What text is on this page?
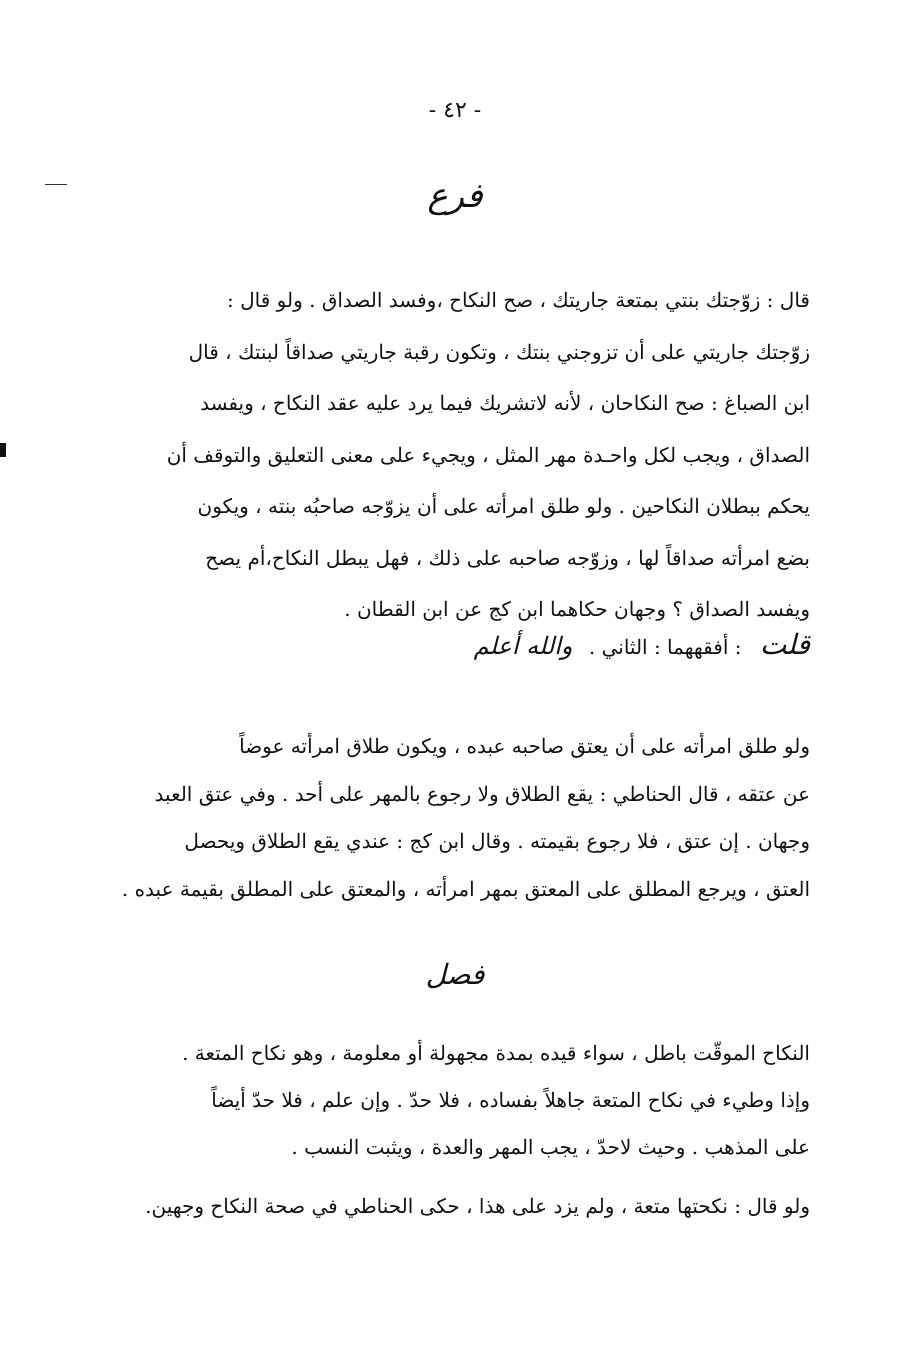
- ٤٢ -
فرع
قال : زوّجتك بنتي بمتعة جاريتك ، صح النكاح ،وفسد الصداق . ولو قال :
زوّجتك جاريتي على أن تزوجني بنتك ، وتكون رقبة جاريتي صداقاً لبنتك ، قال
ابن الصباغ : صح النكاحان ، لأنه لاتشريك فيما يرد عليه عقد النكاح ، ويفسد
الصداق ، ويجب لكل واحـدة مهر المثل ، ويجيء على معنى التعليق والتوقف أن
يحكم ببطلان النكاحين . ولو طلق امرأته على أن يزوّجه صاحبُه بنته ، ويكون
بضع امرأته صداقاً لها ، وزوّجه صاحبه على ذلك ، فهل يبطل النكاح،أم يصح
ويفسد الصداق ؟ وجهان حكاهما ابن كج عن ابن القطان .
قلت : أفقههما : الثاني . والله أعلم
ولو طلق امرأته على أن يعتق صاحبه عبده ، ويكون طلاق امرأته عوضاً
عن عتقه ، قال الحناطي : يقع الطلاق ولا رجوع بالمهر على أحد . وفي عتق العبد
وجهان . إن عتق ، فلا رجوع بقيمته . وقال ابن كج : عندي يقع الطلاق ويحصل
العتق ، ويرجع المطلق على المعتق بمهر امرأته ، والمعتق على المطلق بقيمة عبده .
فصل
النكاح الموقّت باطل ، سواء قيده بمدة مجهولة أو معلومة ، وهو نكاح المتعة .
وإذا وطيء في نكاح المتعة جاهلاً بفساده ، فلا حدّ . وإن علم ، فلا حدّ أيضاً
على المذهب . وحيث لاحدّ ، يجب المهر والعدة ، ويثبت النسب .
ولو قال : نكحتها متعة ، ولم يزد على هذا ، حكى الحناطي في صحة النكاح وجهين.
